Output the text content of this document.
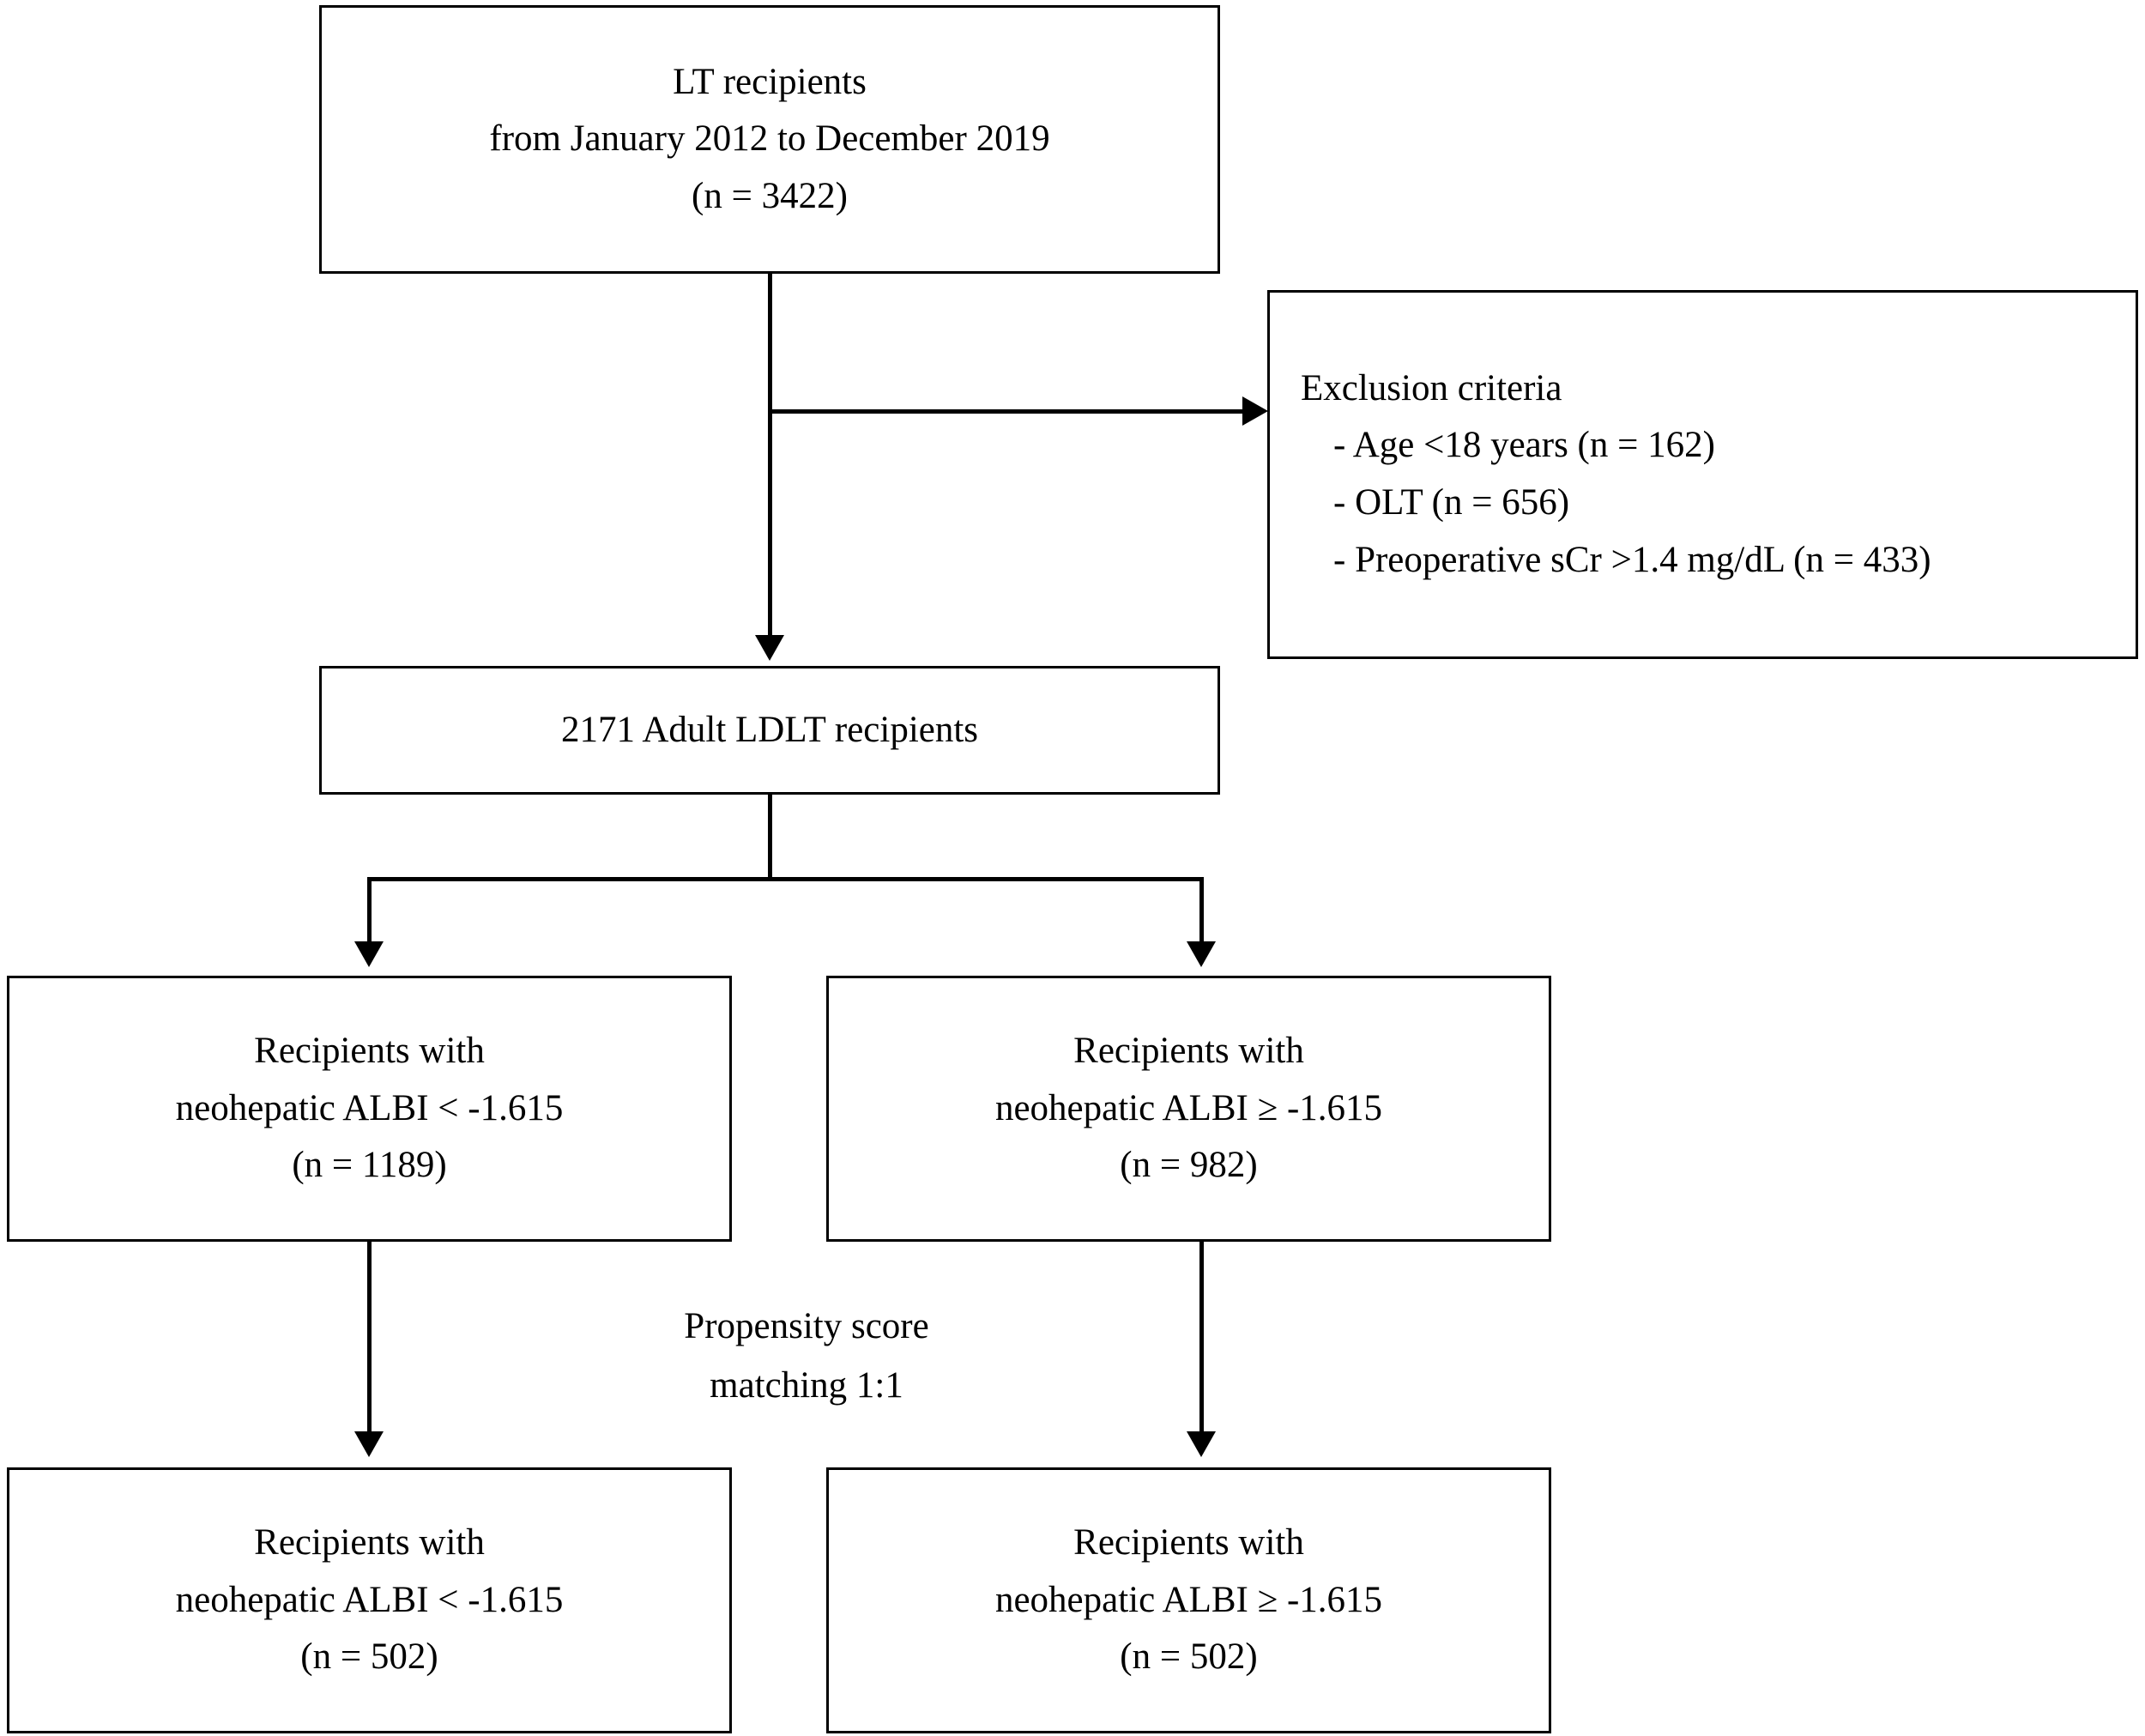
LT recipients
from January 2012 to December 2019
(n = 3422)
Exclusion criteria
- Age <18 years (n = 162)
- OLT (n = 656)
- Preoperative sCr >1.4 mg/dL (n = 433)
2171 Adult LDLT recipients
Recipients with
neohepatic ALBI < -1.615
(n = 1189)
Recipients with
neohepatic ALBI ≥ -1.615
(n = 982)
Propensity score
matching 1:1
Recipients with
neohepatic ALBI < -1.615
(n = 502)
Recipients with
neohepatic ALBI ≥ -1.615
(n = 502)
